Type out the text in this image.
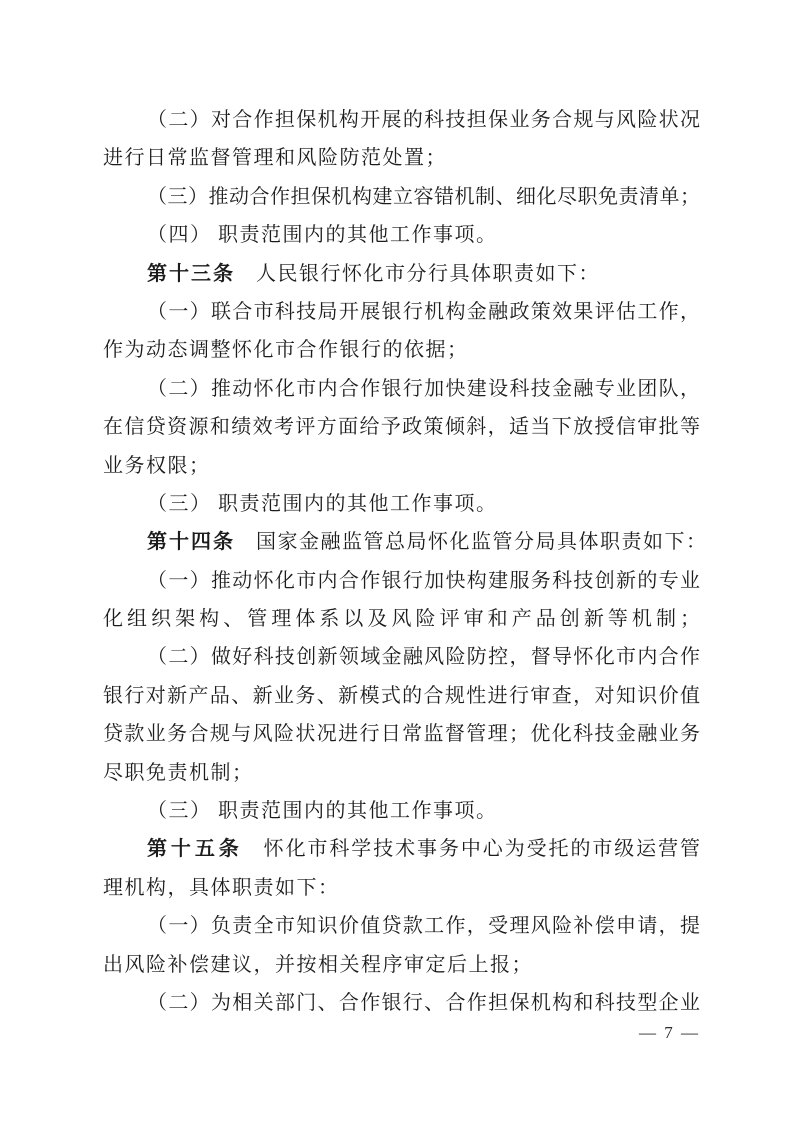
（二）对合作担保机构开展的科技担保业务合规与风险状况
进行日常监督管理和风险防范处置；
（三）推动合作担保机构建立容错机制、细化尽职免责清单；
（四） 职责范围内的其他工作事项。
第十三条 人民银行怀化市分行具体职责如下：
（一）联合市科技局开展银行机构金融政策效果评估工作，
作为动态调整怀化市合作银行的依据；
（二）推动怀化市内合作银行加快建设科技金融专业团队，
在信贷资源和绩效考评方面给予政策倾斜，适当下放授信审批等
业务权限；
（三） 职责范围内的其他工作事项。
第十四条 国家金融监管总局怀化监管分局具体职责如下：
（一）推动怀化市内合作银行加快构建服务科技创新的专业
化组织架构、管理体系以及风险评审和产品创新等机制；
（二）做好科技创新领域金融风险防控，督导怀化市内合作
银行对新产品、新业务、新模式的合规性进行审查，对知识价值
贷款业务合规与风险状况进行日常监督管理；优化科技金融业务
尽职免责机制；
（三） 职责范围内的其他工作事项。
第十五条 怀化市科学技术事务中心为受托的市级运营管
理机构，具体职责如下：
（一）负责全市知识价值贷款工作，受理风险补偿申请，提
出风险补偿建议，并按相关程序审定后上报；
（二）为相关部门、合作银行、合作担保机构和科技型企业
— 7 —
